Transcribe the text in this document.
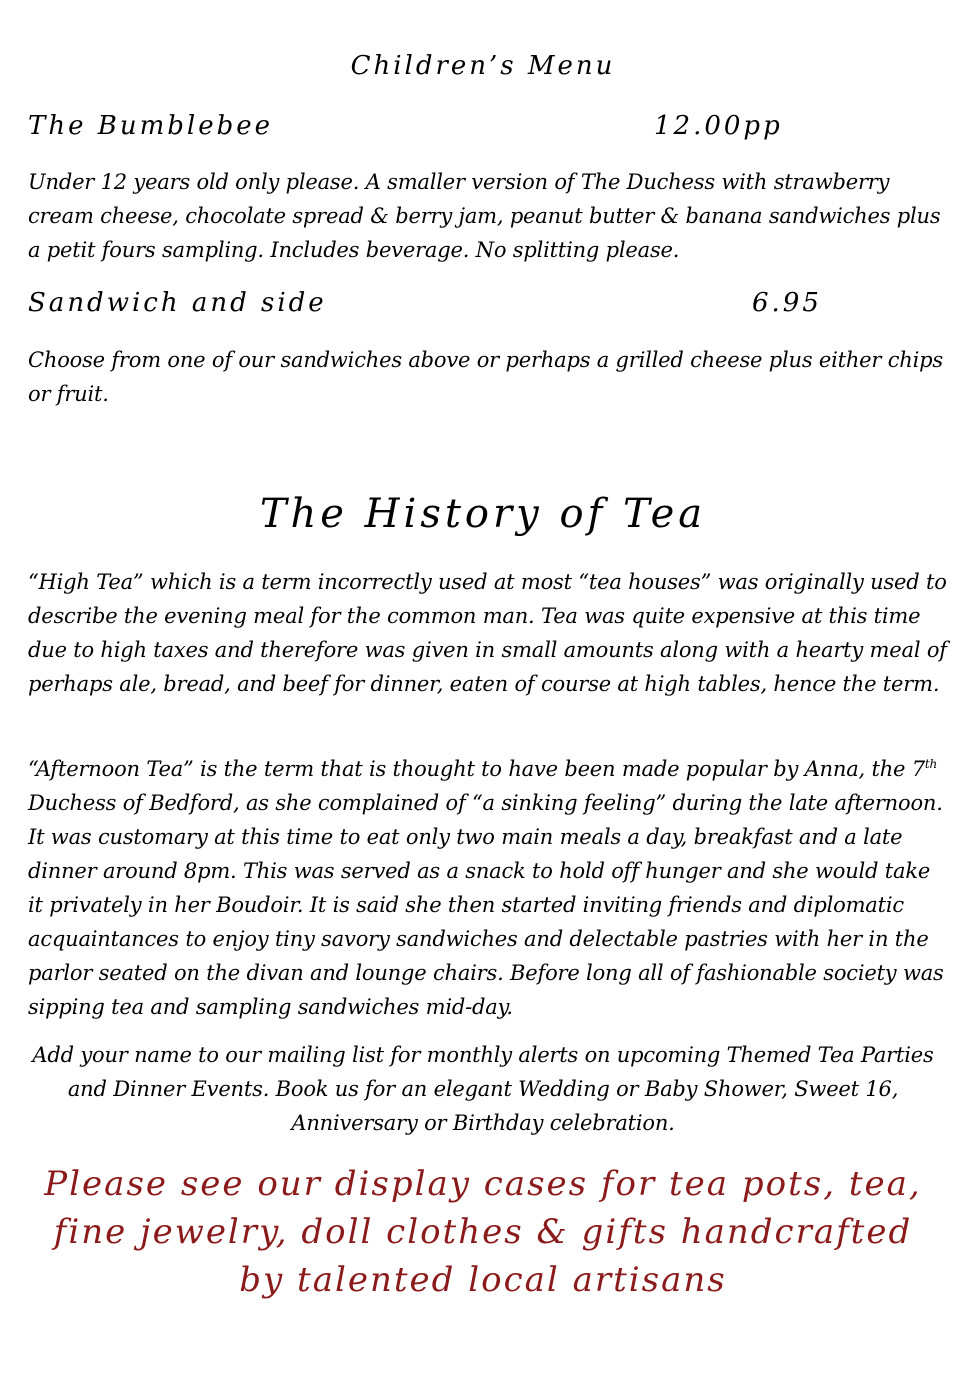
Children’s Menu
The Bumblebee	12.00pp

Under 12 years old only please. A smaller version of The Duchess with strawberry cream cheese, chocolate spread & berry jam, peanut butter & banana sandwiches plus a petit fours sampling. Includes beverage. No splitting please.

Sandwich and side	6.95

Choose from one of our sandwiches above or perhaps a grilled cheese plus either chips or fruit.

The History of Tea

“High Tea” which is a term incorrectly used at most “tea houses” was originally used to describe the evening meal for the common man. Tea was quite expensive at this time due to high taxes and therefore was given in small amounts along with a hearty meal of perhaps ale, bread, and beef for dinner, eaten of course at high tables, hence the term.

“Afternoon Tea” is the term that is thought to have been made popular by Anna, the 7th Duchess of Bedford, as she complained of “a sinking feeling” during the late afternoon. It was customary at this time to eat only two main meals a day, breakfast and a late dinner around 8pm. This was served as a snack to hold off hunger and she would take it privately in her Boudoir. It is said she then started inviting friends and diplomatic acquaintances to enjoy tiny savory sandwiches and delectable pastries with her in the parlor seated on the divan and lounge chairs. Before long all of fashionable society was sipping tea and sampling sandwiches mid-day.

Add your name to our mailing list for monthly alerts on upcoming Themed Tea Parties and Dinner Events. Book us for an elegant Wedding or Baby Shower, Sweet 16, Anniversary or Birthday celebration.

Please see our display cases for tea pots, tea,
fine jewelry, doll clothes & gifts handcrafted
by talented local artisans
